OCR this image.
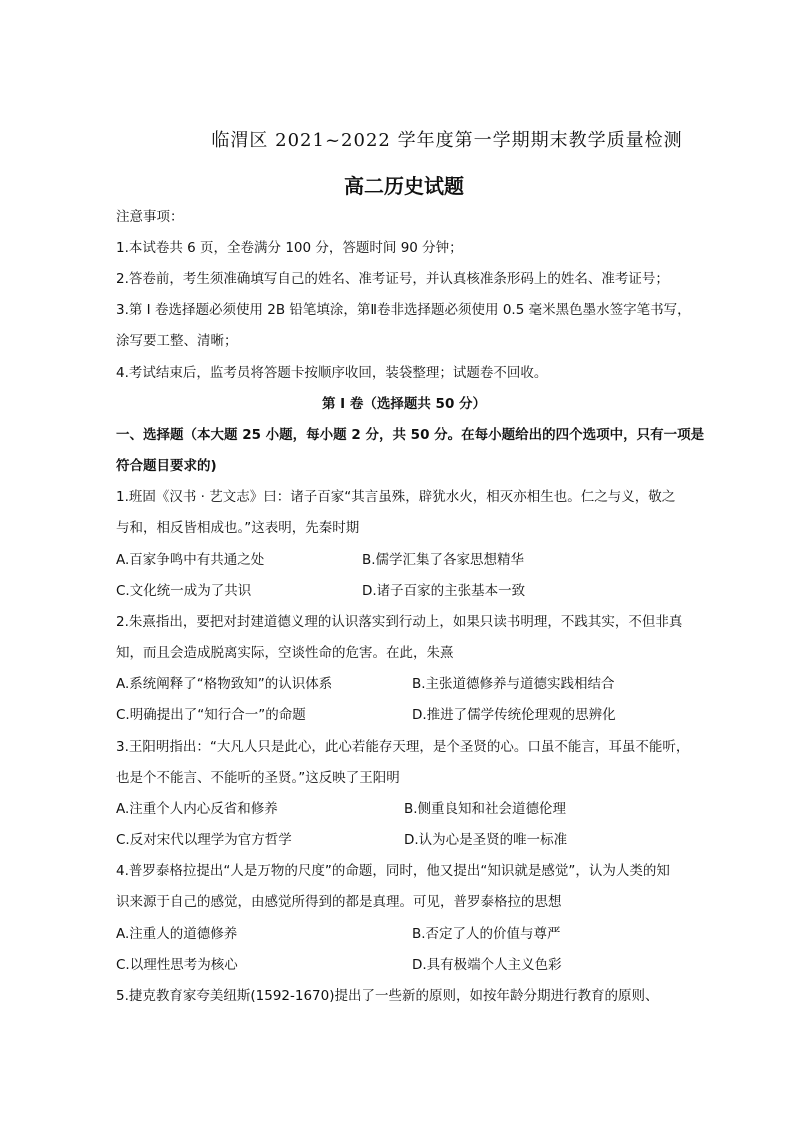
临渭区 2021~2022 学年度第一学期期末教学质量检测
高二历史试题
注意事项：
1.本试卷共 6 页，全卷满分 100 分，答题时间 90 分钟；
2.答卷前，考生须准确填写自己的姓名、准考证号，并认真核准条形码上的姓名、准考证号；
3.第 I 卷选择题必须使用 2B 铅笔填涂，第Ⅱ卷非选择题必须使用 0.5 毫米黑色墨水签字笔书写，
涂写要工整、清晰；
4.考试结束后，监考员将答题卡按顺序收回，装袋整理；试题卷不回收。
第 I 卷（选择题共 50 分）
一、选择题（本大题 25 小题，每小题 2 分，共 50 分。在每小题给出的四个选项中，只有一项是
符合题目要求的)
1.班固《汉书 · 艺文志》曰：诸子百家“其言虽殊，辟犹水火，相灭亦相生也。仁之与义，敬之
与和，相反皆相成也。”这表明，先秦时期
A.百家争鸣中有共通之处	B.儒学汇集了各家思想精华
C.文化统一成为了共识	D.诸子百家的主张基本一致
2.朱熹指出，要把对封建道德义理的认识落实到行动上，如果只读书明理，不践其实，不但非真
知，而且会造成脱离实际，空谈性命的危害。在此，朱熹
A.系统阐释了“格物致知”的认识体系	B.主张道德修养与道德实践相结合
C.明确提出了“知行合一”的命题	D.推进了儒学传统伦理观的思辨化
3.王阳明指出：“大凡人只是此心，此心若能存天理，是个圣贤的心。口虽不能言，耳虽不能听，
也是个不能言、不能听的圣贤。”这反映了王阳明
A.注重个人内心反省和修养	B.侧重良知和社会道德伦理
C.反对宋代以理学为官方哲学	D.认为心是圣贤的唯一标准
4.普罗泰格拉提出“人是万物的尺度”的命题，同时，他又提出“知识就是感觉”，认为人类的知
识来源于自己的感觉，由感觉所得到的都是真理。可见，普罗泰格拉的思想
A.注重人的道德修养	B.否定了人的价值与尊严
C.以理性思考为核心	D.具有极端个人主义色彩
5.捷克教育家夸美纽斯(1592-1670)提出了一些新的原则，如按年龄分期进行教育的原则、
